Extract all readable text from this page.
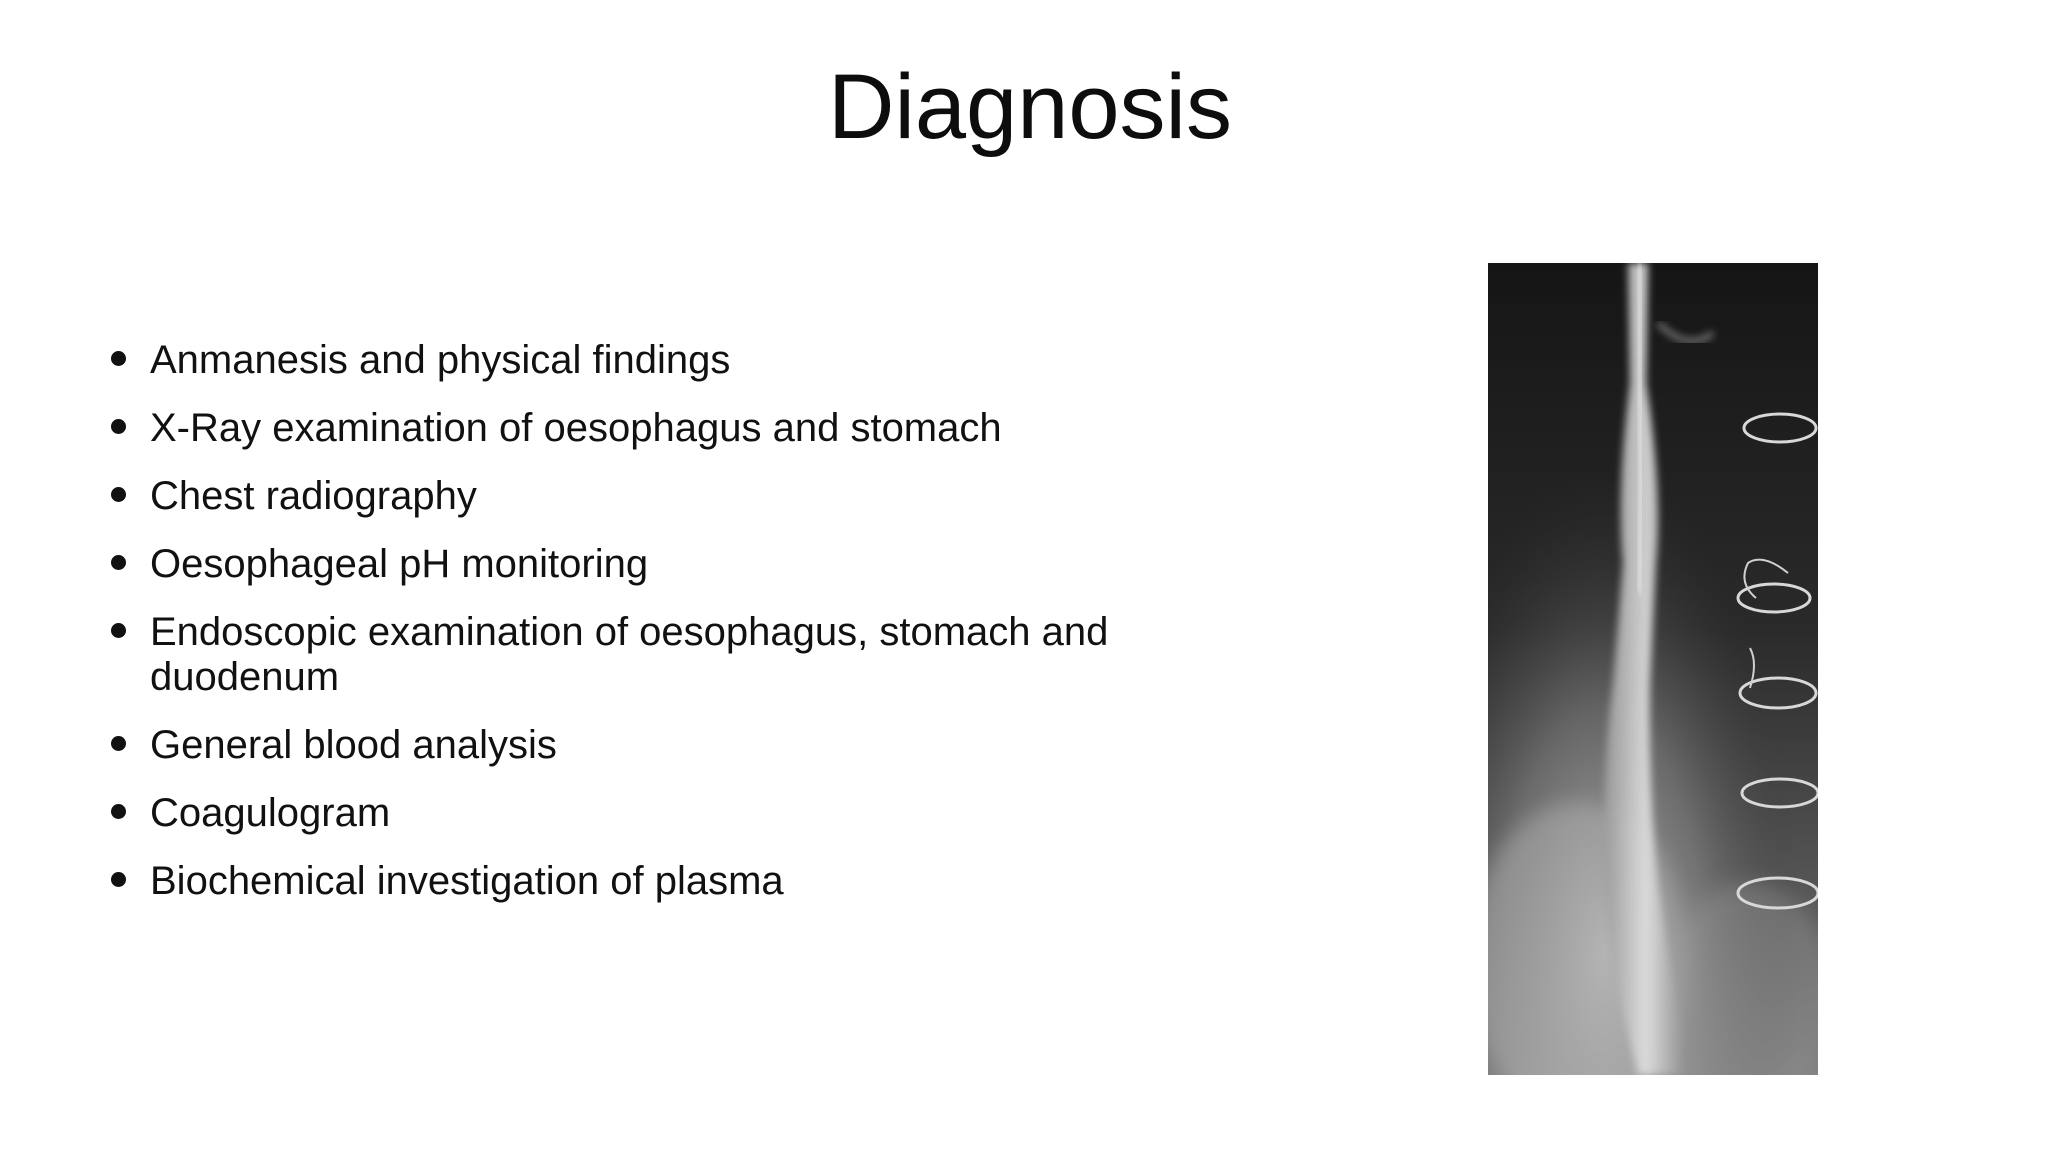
Diagnosis
Anmanesis and physical findings
X-Ray examination of oesophagus and stomach
Chest radiography
Oesophageal pH monitoring
Endoscopic examination of oesophagus, stomach and duodenum
General blood analysis
Coagulogram
Biochemical investigation of plasma
